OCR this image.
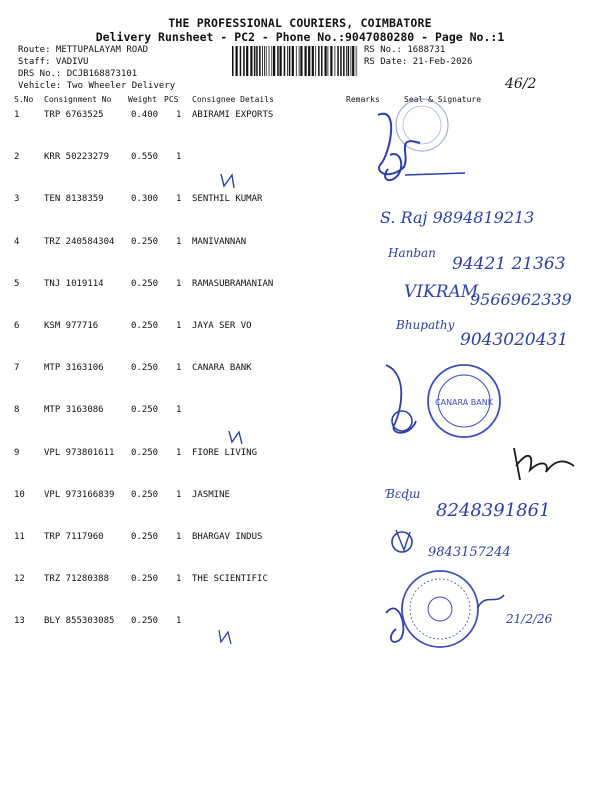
THE PROFESSIONAL COURIERS, COIMBATORE
Delivery Runsheet - PC2 - Phone No.:9047080280 - Page No.:1
Route: METTUPALAYAM ROAD
Staff: VADIVU
DRS No.: DCJB168873101
Vehicle: Two Wheeler Delivery
RS No.: 1688731
RS Date: 21-Feb-2026
S.No Consignment No Weight PCS Consignee Details	Remarks	Seal & Signature
1	TRP 6763525	0.400 1 ABIRAMI EXPORTS
2	KRR 50223279 0.550 1
3	TEN 8138359	0.300 1 SENTHIL KUMAR
4	TRZ 240584304 0.250 1 MANIVANNAN
5	TNJ 1019114	0.250 1 RAMASUBRAMANIAN
6	KSM 977716	0.250 1 JAYA SER VO
7	MTP 3163106	0.250 1 CANARA BANK
8	MTP 3163086	0.250 1
9	VPL 973801611 0.250 1 FIORE LIVING
10 VPL 973166839 0.250 1 JASMINE
11 TRP 7117960	0.250 1 BHARGAV INDUS
12 TRZ 71280388 0.250 1 THE SCIENTIFIC
13 BLY 855303085 0.250 1
46/2
S. Raj 9894819213
Hanban
94421 21363
VIKRAM
9566962339
Bhupathy
9043020431
CANARA BANK
Ɓɛɖɯ
8248391861
9843157244
21/2/26
